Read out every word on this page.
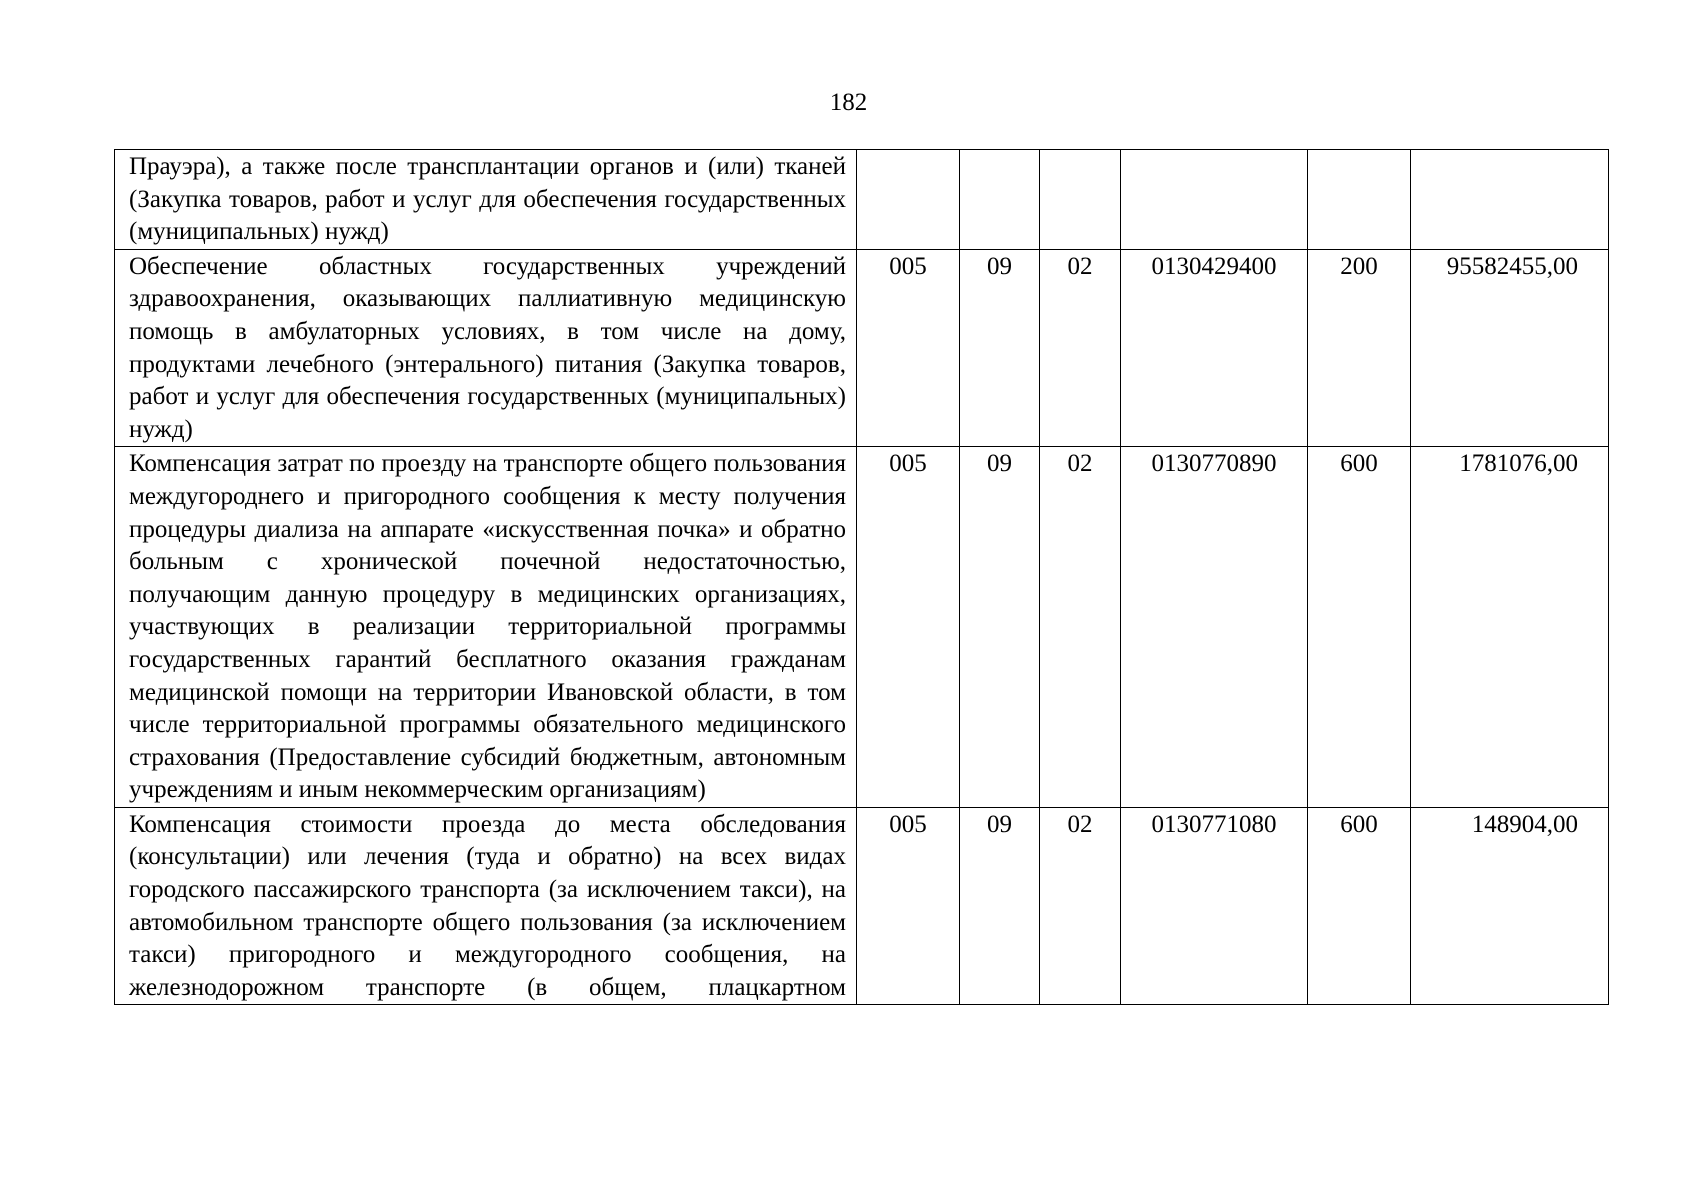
182
Прауэра), а также после трансплантации органов и (или) тканей (Закупка товаров, работ и услуг для обеспечения государственных (муниципальных) нужд)						
Обеспечение областных государственных учреждений здравоохранения, оказывающих паллиативную медицинскую помощь в амбулаторных условиях, в том числе на дому, продуктами лечебного (энтерального) питания (Закупка товаров, работ и услуг для обеспечения государственных (муниципальных) нужд)	005	09	02	0130429400	200	95582455,00
Компенсация затрат по проезду на транспорте общего пользования междугороднего и пригородного сообщения к месту получения процедуры диализа на аппарате «искусственная почка» и обратно больным с хронической почечной недостаточностью, получающим данную процедуру в медицинских организациях, участвующих в реализации территориальной программы государственных гарантий бесплатного оказания гражданам медицинской помощи на территории Ивановской области, в том числе территориальной программы обязательного медицинского страхования (Предоставление субсидий бюджетным, автономным учреждениям и иным некоммерческим организациям)	005	09	02	0130770890	600	1781076,00
Компенсация стоимости проезда до места обследования (консультации) или лечения (туда и обратно) на всех видах городского пассажирского транспорта (за исключением такси), на автомобильном транспорте общего пользования (за исключением такси) пригородного и междугородного сообщения, на железнодорожном транспорте (в общем, плацкартном	005	09	02	0130771080	600	148904,00
